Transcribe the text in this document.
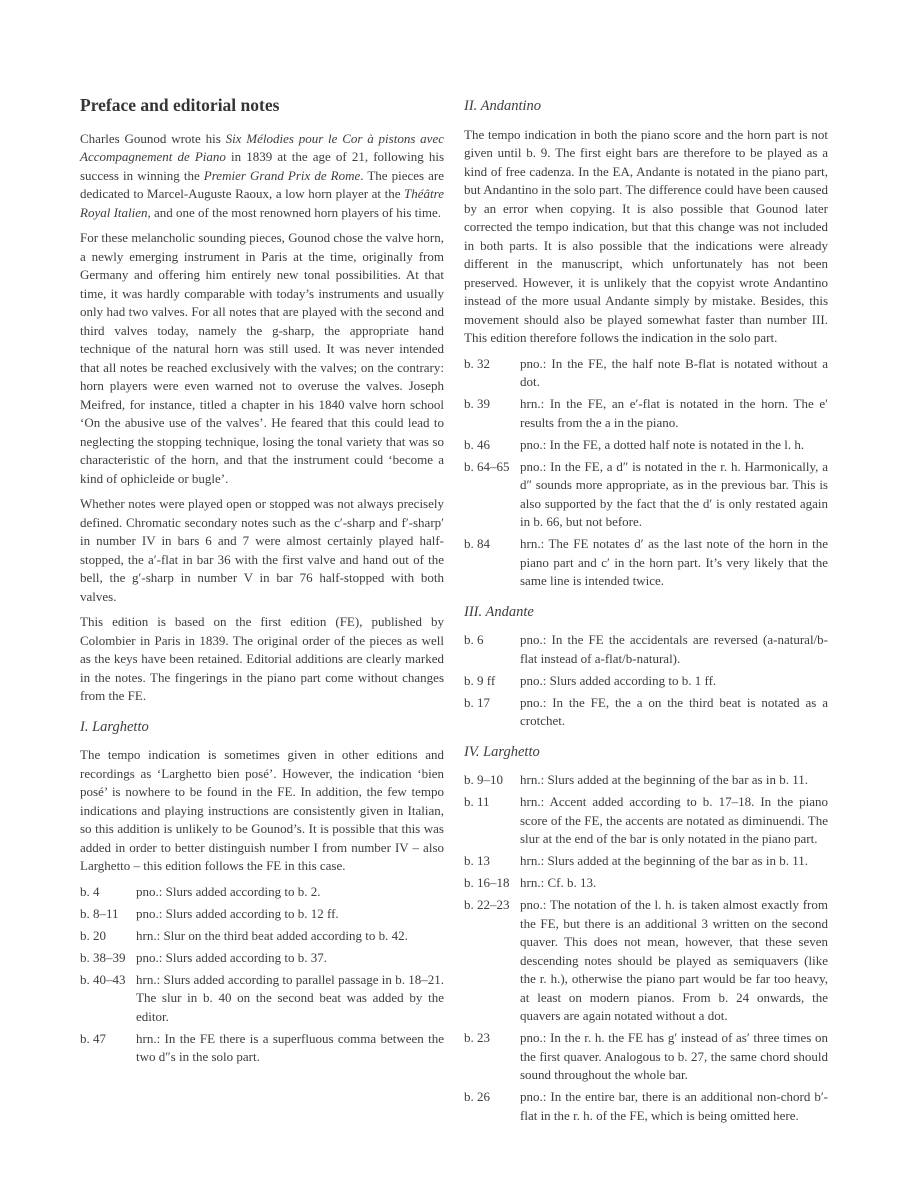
Preface and editorial notes

Charles Gounod wrote his Six Mélodies pour le Cor à pistons avec Accompagnement de Piano in 1839 at the age of 21, following his success in winning the Premier Grand Prix de Rome. The pieces are dedicated to Marcel-Auguste Raoux, a low horn player at the Théâtre Royal Italien, and one of the most renowned horn players of his time.

For these melancholic sounding pieces, Gounod chose the valve horn, a newly emerging instrument in Paris at the time, originally from Germany and offering him entirely new tonal possibilities. At that time, it was hardly comparable with today’s instruments and usually only had two valves. For all notes that are played with the second and third valves today, namely the g-sharp, the appropriate hand technique of the natural horn was still used. It was never intended that all notes be reached exclusively with the valves; on the contrary: horn players were even warned not to overuse the valves. Joseph Meifred, for instance, titled a chapter in his 1840 valve horn school ‘On the abusive use of the valves’. He feared that this could lead to neglecting the stopping technique, losing the tonal variety that was so characteristic of the horn, and that the instrument could ‘become a kind of ophicleide or bugle’.

Whether notes were played open or stopped was not always precisely defined. Chromatic secondary notes such as the c′-sharp and f′-sharp′ in number IV in bars 6 and 7 were almost certainly played half-stopped, the a′-flat in bar 36 with the first valve and hand out of the bell, the g′-sharp in number V in bar 76 half-stopped with both valves.

This edition is based on the first edition (FE), published by Colombier in Paris in 1839. The original order of the pieces as well as the keys have been retained. Editorial additions are clearly marked in the notes. The fingerings in the piano part come without changes from the FE.

I. Larghetto

The tempo indication is sometimes given in other editions and recordings as ‘Larghetto bien posé’. However, the indication ‘bien posé’ is nowhere to be found in the FE. In addition, the few tempo indications and playing instructions are consistently given in Italian, so this addition is unlikely to be Gounod’s. It is possible that this was added in order to better distinguish number I from number IV – also Larghetto – this edition follows the FE in this case.

b. 4	pno.: Slurs added according to b. 2.
b. 8–11	pno.: Slurs added according to b. 12 ff.
b. 20	hrn.: Slur on the third beat added according to b. 42.
b. 38–39 pno.: Slurs added according to b. 37.
b. 40–43 hrn.: Slurs added according to parallel passage in b. 18–21. The slur in b. 40 on the second beat was added by the editor.
b. 47	hrn.: In the FE there is a superfluous comma between the two d″s in the solo part.
II. Andantino

The tempo indication in both the piano score and the horn part is not given until b. 9. The first eight bars are therefore to be played as a kind of free cadenza. In the EA, Andante is notated in the piano part, but Andantino in the solo part. The difference could have been caused by an error when copying. It is also possible that Gounod later corrected the tempo indication, but that this change was not included in both parts. It is also possible that the indications were already different in the manuscript, which unfortunately has not been preserved. However, it is unlikely that the copyist wrote Andantino instead of the more usual Andante simply by mistake. Besides, this movement should also be played somewhat faster than number III. This edition therefore follows the indication in the solo part.

b. 32	pno.: In the FE, the half note B-flat is notated without a dot.
b. 39	hrn.: In the FE, an e′-flat is notated in the horn. The e′ results from the a in the piano.
b. 46	pno.: In the FE, a dotted half note is notated in the l. h.
b. 64–65 pno.: In the FE, a d″ is notated in the r. h. Harmonically, a d″ sounds more appropriate, as in the previous bar. This is also supported by the fact that the d′ is only restated again in b. 66, but not before.
b. 84	hrn.: The FE notates d′ as the last note of the horn in the piano part and c′ in the horn part. It’s very likely that the same line is intended twice.
III. Andante
b. 6	pno.: In the FE the accidentals are reversed (a-natural/b-flat instead of a-flat/b-natural).
b. 9 ff	pno.: Slurs added according to b. 1 ff.
b. 17	pno.: In the FE, the a on the third beat is notated as a crotchet.
IV. Larghetto
b. 9–10	hrn.: Slurs added at the beginning of the bar as in b. 11.
b. 11	hrn.: Accent added according to b. 17–18. In the piano score of the FE, the accents are notated as diminuendi. The slur at the end of the bar is only notated in the piano part.
b. 13	hrn.: Slurs added at the beginning of the bar as in b. 11.
b. 16–18 hrn.: Cf. b. 13.
b. 22–23 pno.: The notation of the l. h. is taken almost exactly from the FE, but there is an additional 3 written on the second quaver. This does not mean, however, that these seven descending notes should be played as semiquavers (like the r. h.), otherwise the piano part would be far too heavy, at least on modern pianos. From b. 24 onwards, the quavers are again notated without a dot.
b. 23	pno.: In the r. h. the FE has g′ instead of as′ three times on the first quaver. Analogous to b. 27, the same chord should sound throughout the whole bar.
b. 26	pno.: In the entire bar, there is an additional non-chord b′-flat in the r. h. of the FE, which is being omitted here.
